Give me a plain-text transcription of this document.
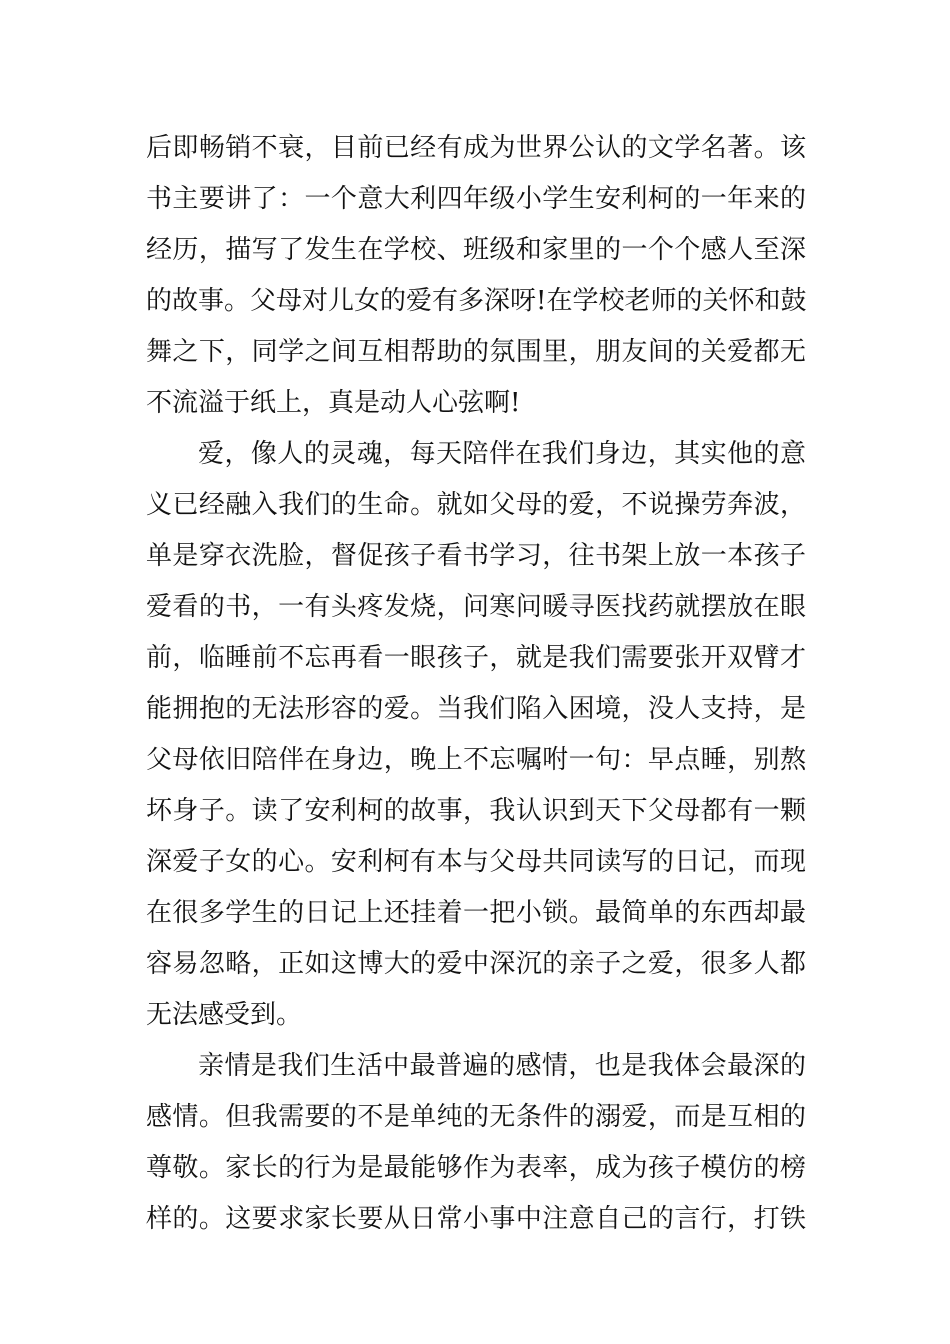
后即畅销不衰，目前已经有成为世界公认的文学名著。该
书主要讲了：一个意大利四年级小学生安利柯的一年来的
经历，描写了发生在学校、班级和家里的一个个感人至深
的故事。父母对儿女的爱有多深呀!在学校老师的关怀和鼓
舞之下，同学之间互相帮助的氛围里，朋友间的关爱都无
不流溢于纸上，真是动人心弦啊!

爱，像人的灵魂，每天陪伴在我们身边，其实他的意
义已经融入我们的生命。就如父母的爱，不说操劳奔波，
单是穿衣洗脸，督促孩子看书学习，往书架上放一本孩子
爱看的书，一有头疼发烧，问寒问暖寻医找药就摆放在眼
前，临睡前不忘再看一眼孩子，就是我们需要张开双臂才
能拥抱的无法形容的爱。当我们陷入困境，没人支持，是
父母依旧陪伴在身边，晚上不忘嘱咐一句：早点睡，别熬
坏身子。读了安利柯的故事，我认识到天下父母都有一颗
深爱子女的心。安利柯有本与父母共同读写的日记，而现
在很多学生的日记上还挂着一把小锁。最简单的东西却最
容易忽略，正如这博大的爱中深沉的亲子之爱，很多人都
无法感受到。

亲情是我们生活中最普遍的感情，也是我体会最深的
感情。但我需要的不是单纯的无条件的溺爱，而是互相的
尊敬。家长的行为是最能够作为表率，成为孩子模仿的榜
样的。这要求家长要从日常小事中注意自己的言行，打铁
